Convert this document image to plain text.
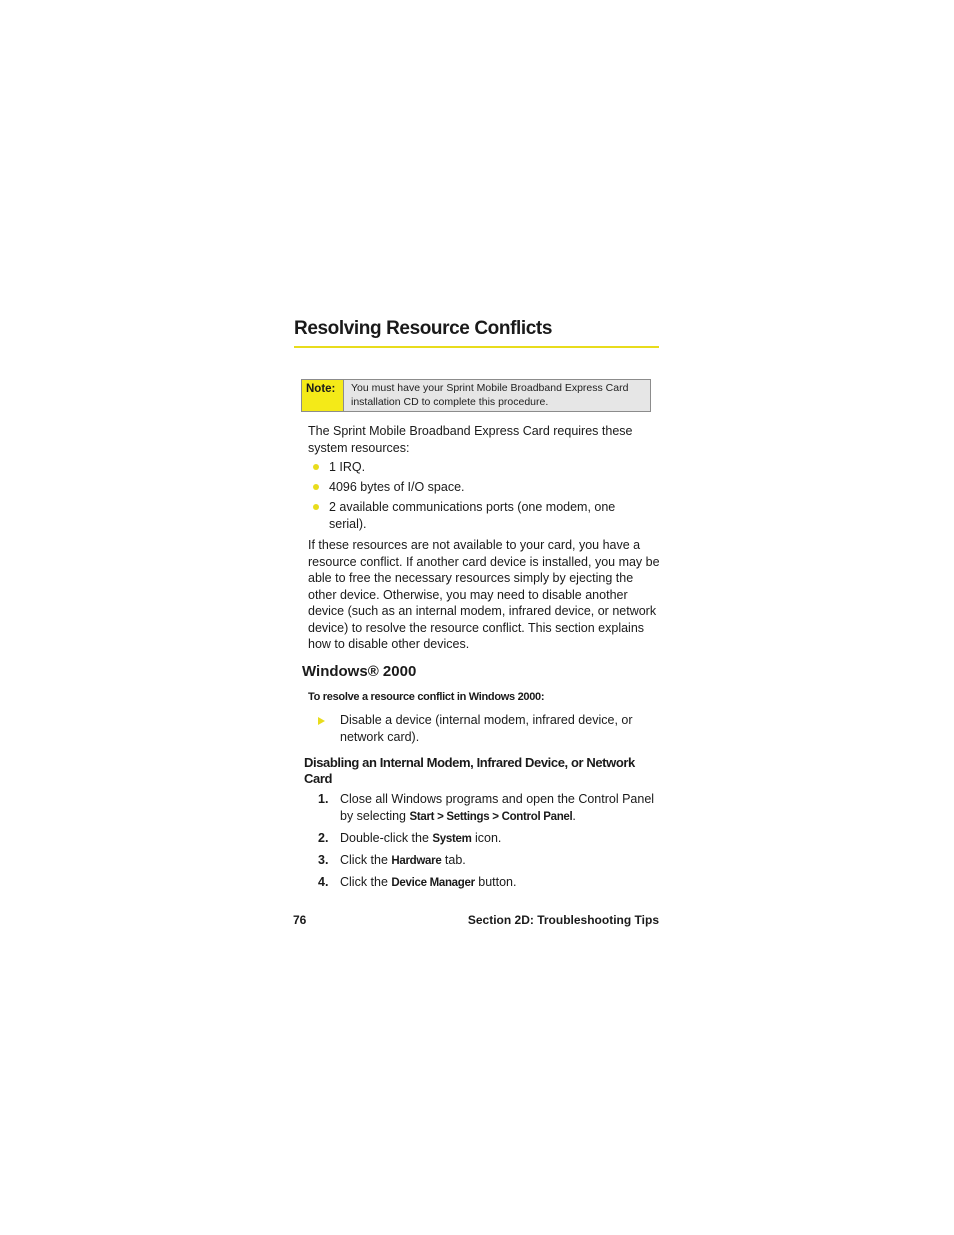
Resolving Resource Conflicts
Note:	You must have your Sprint Mobile Broadband Express Card installation CD to complete this procedure.

The Sprint Mobile Broadband Express Card requires these system resources:

1 IRQ.
4096 bytes of I/O space.
2 available communications ports (one modem, one serial).

If these resources are not available to your card, you have a resource conflict. If another card device is installed, you may be able to free the necessary resources simply by ejecting the other device. Otherwise, you may need to disable another device (such as an internal modem, infrared device, or network device) to resolve the resource conflict. This section explains how to disable other devices.

Windows® 2000

To resolve a resource conflict in Windows 2000:

Disable a device (internal modem, infrared device, or network card).
Disabling an Internal Modem, Infrared Device, or Network Card
1. Close all Windows programs and open the Control Panel by selecting Start > Settings > Control Panel.
2. Double-click the System icon.
3. Click the Hardware tab.
4. Click the Device Manager button.
76	Section 2D: Troubleshooting Tips
